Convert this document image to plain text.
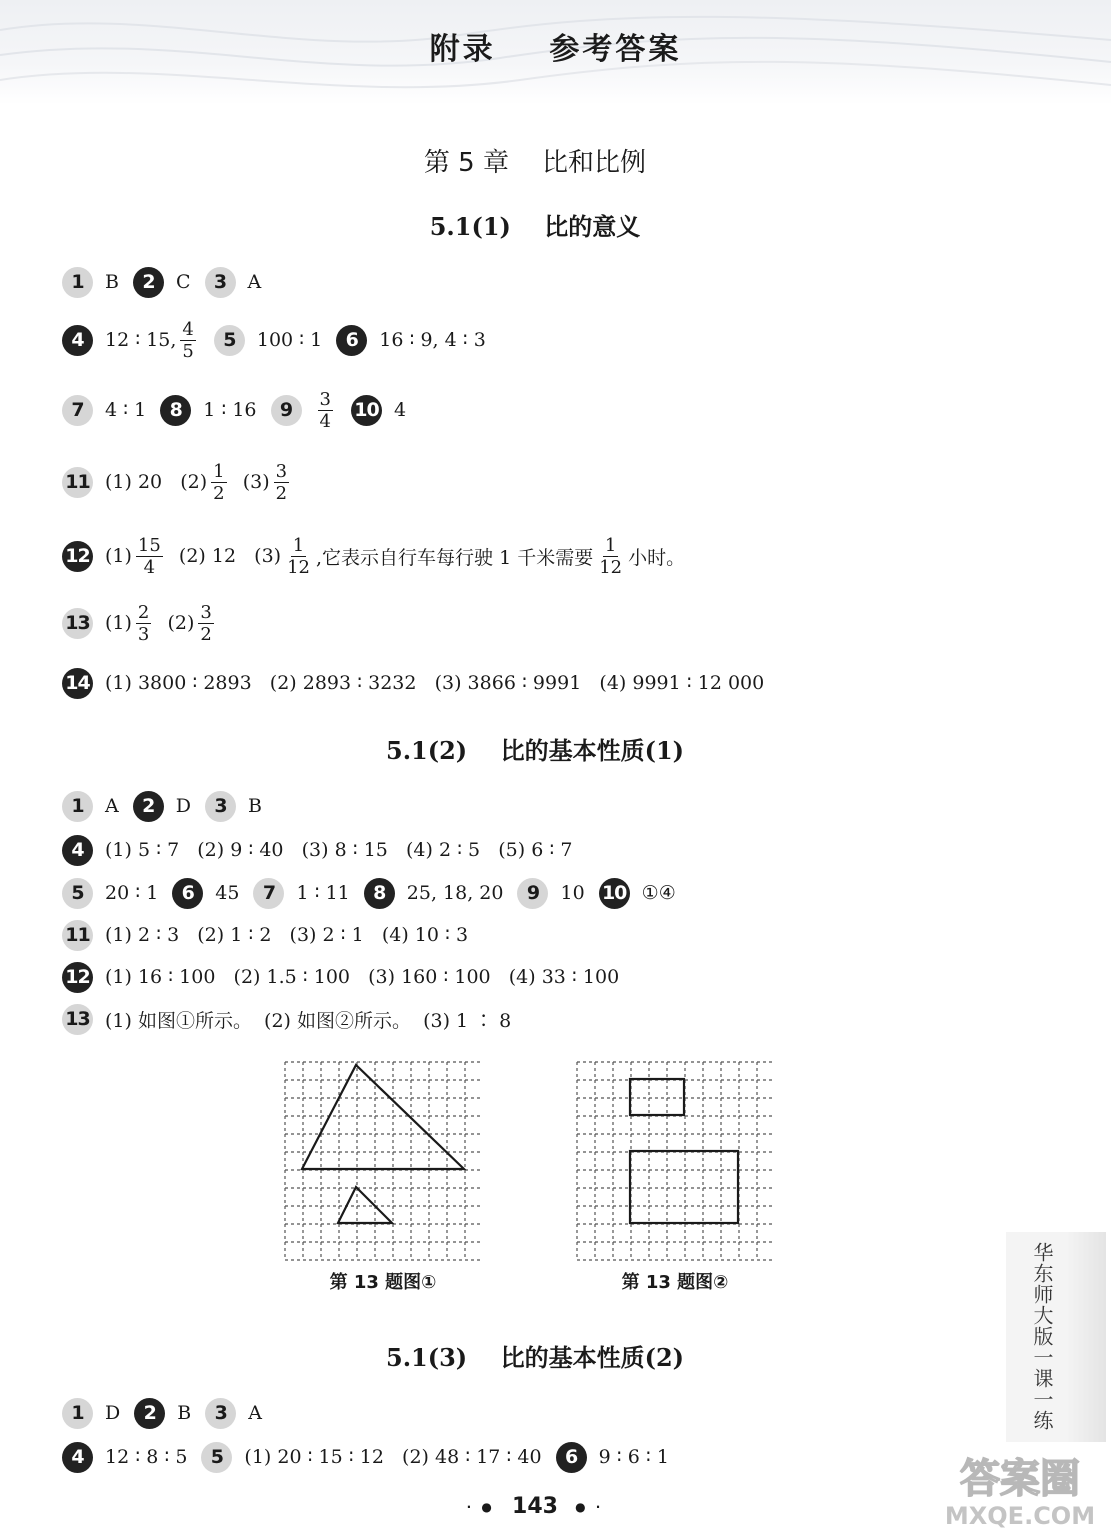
附录    参考答案
第 5 章    比和比例
5.1(1)    比的意义
5.1(2)    比的基本性质(1)
5.1(3)    比的基本性质(2)
1	B	2	C	3	A
4	12 ∶ 15, $\frac{4}{5}$	5	100 ∶ 1	6	16 ∶ 9, 4 ∶ 3
7	4 ∶ 1	8	1 ∶ 16	9	$\frac{3}{4} 10$ 4
11 (1) 20   $(2) \frac{1}{2} (3) \frac{3}{2}$
12 $(1) \frac{15}{4} (2)$ 12   $(3) \frac{1}{12}$ ,它表示自行车每行驶 1 千米需要 $\frac{1}{12}$ 小时。
13 $(1) \frac{2}{3} (2) \frac{3}{2}$
14 (1) 3800 ∶ 2893   (2) 2893 ∶ 3232   (3) 3866 ∶ 9991   (4) 9991 ∶ 12 000
1	A	2	D	3	B
4	(1) 5 ∶ 7   (2) 9 ∶ 40   (3) 8 ∶ 15   (4) 2 ∶ 5   (5) 6 ∶ 7
5	20 ∶ 1	6	45	7	1 ∶ 11	8	25, 18, 20	9	10 10 ①④
11 (1) 2 ∶ 3   (2) 1 ∶ 2   (3) 2 ∶ 1   (4) 10 ∶ 3
12 (1) 16 ∶ 100   (2) 1.5 ∶ 100   (3) 160 ∶ 100   (4) 33 ∶ 100
13 (1) 如图①所示。  (2) 如图②所示。  (3) 1 ∶ 8
1	D	2	B	3	A
4	12 ∶ 8 ∶ 5	5	(1) 20 ∶ 15 ∶ 12   (2) 48 ∶ 17 ∶ 40	6	9 ∶ 6 ∶ 1
第 13 题图①	第 13 题图②	华东师大版一课一练
· ● 143 ● ·
答案圈
MXQE.COM
